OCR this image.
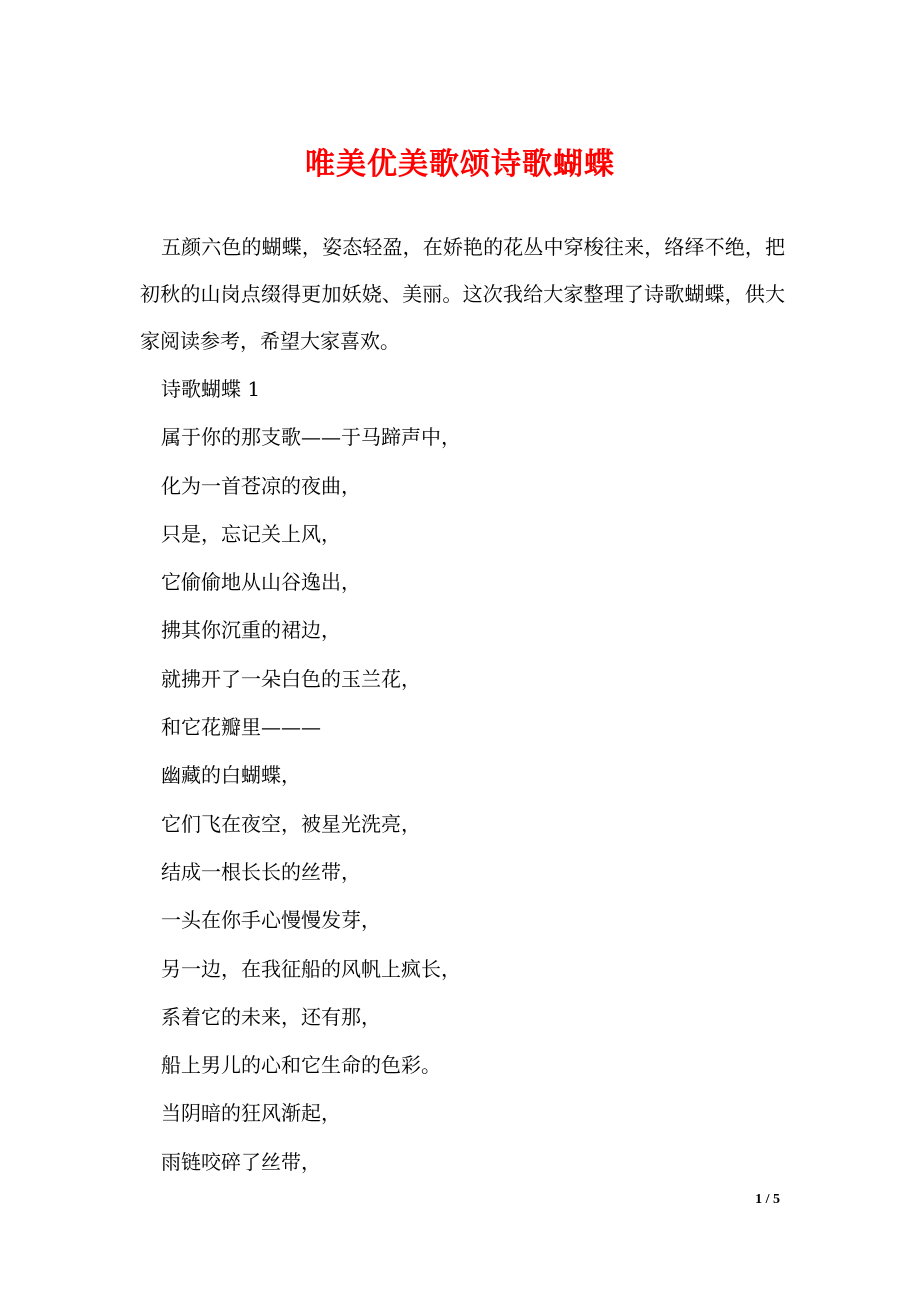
唯美优美歌颂诗歌蝴蝶
五颜六色的蝴蝶，姿态轻盈，在娇艳的花丛中穿梭往来，络绎不绝，把初秋的山岗点缀得更加妖娆、美丽。这次我给大家整理了诗歌蝴蝶，供大家阅读参考，希望大家喜欢。
诗歌蝴蝶 1
属于你的那支歌——于马蹄声中，
化为一首苍凉的夜曲，
只是，忘记关上风，
它偷偷地从山谷逸出，
拂其你沉重的裙边，
就拂开了一朵白色的玉兰花，
和它花瓣里———
幽藏的白蝴蝶，
它们飞在夜空，被星光洗亮，
结成一根长长的丝带，
一头在你手心慢慢发芽，
另一边，在我征船的风帆上疯长，
系着它的未来，还有那，
船上男儿的心和它生命的色彩。
当阴暗的狂风渐起，
雨链咬碎了丝带，
1 / 5
